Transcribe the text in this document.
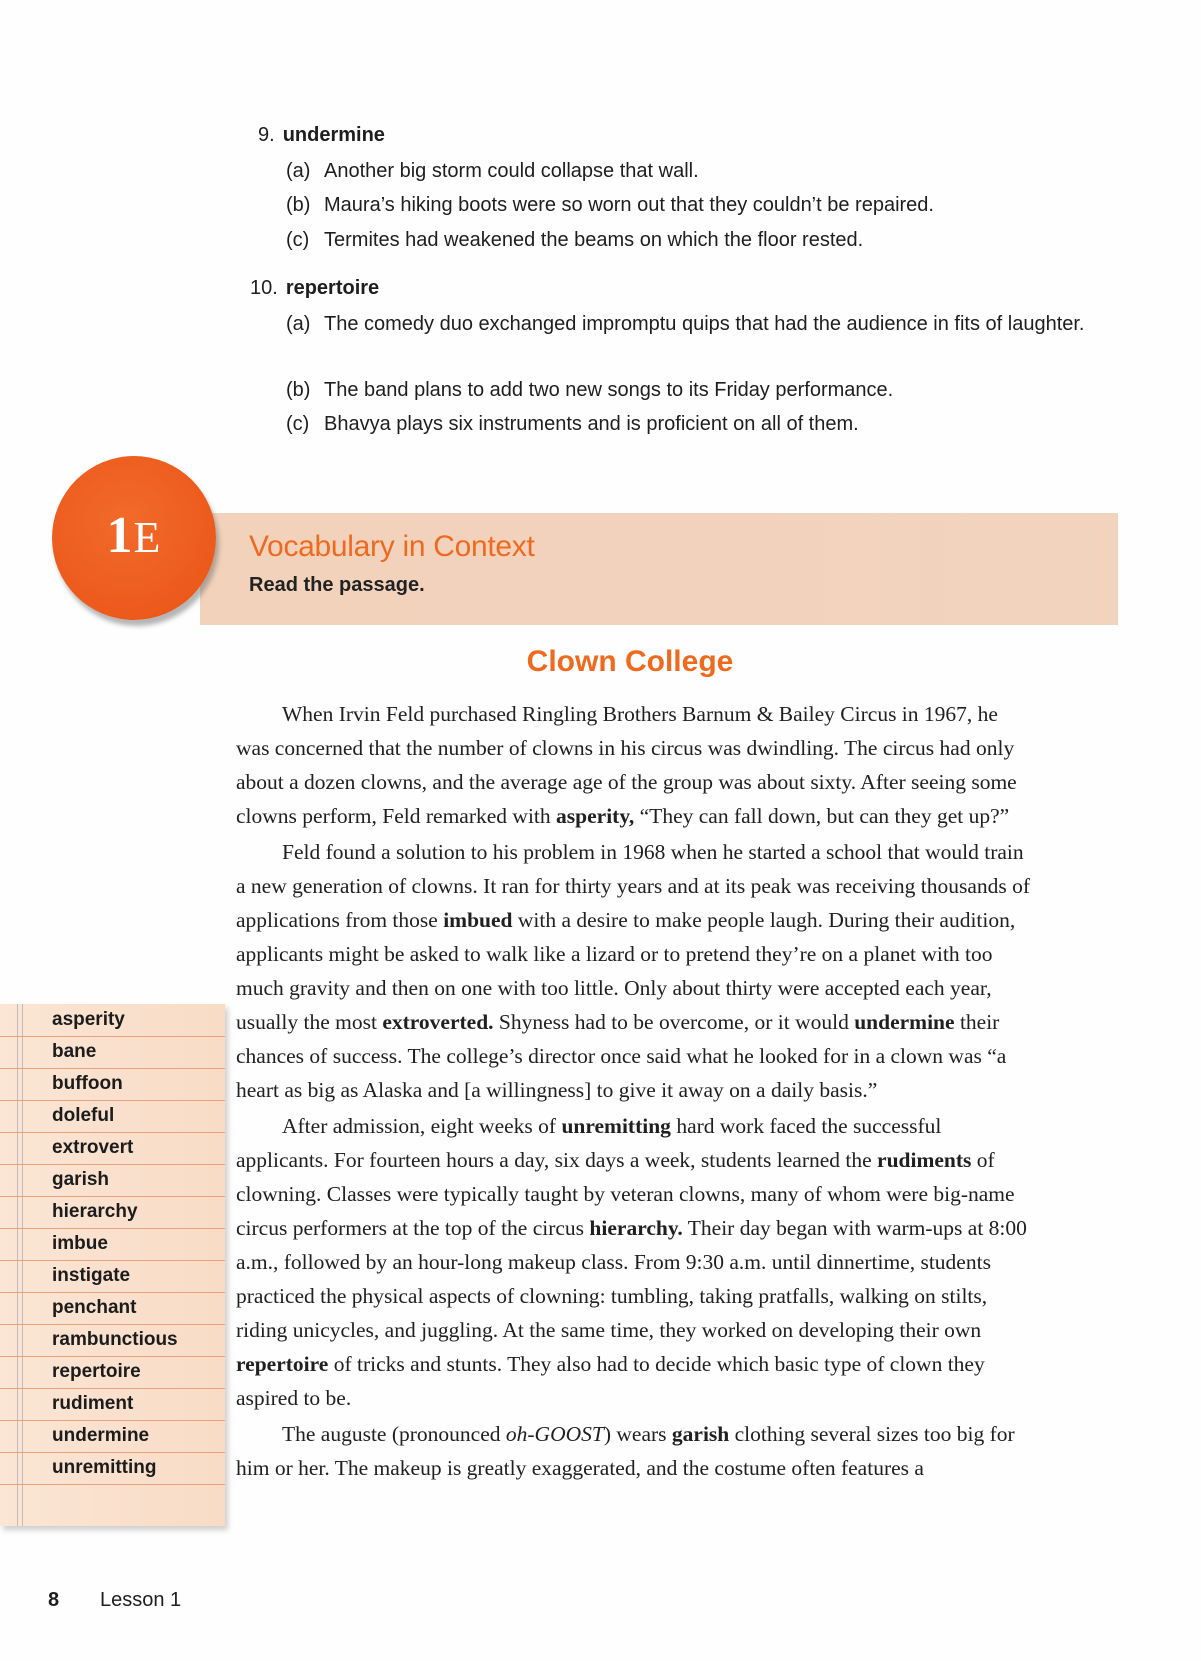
9. undermine
(a) Another big storm could collapse that wall.
(b) Maura’s hiking boots were so worn out that they couldn’t be repaired.
(c) Termites had weakened the beams on which the floor rested.
10. repertoire
(a) The comedy duo exchanged impromptu quips that had the audience in fits of laughter.
(b) The band plans to add two new songs to its Friday performance.
(c) Bhavya plays six instruments and is proficient on all of them.
1E	Vocabulary in Context
Read the passage.
Clown College

When Irvin Feld purchased Ringling Brothers Barnum & Bailey Circus in 1967, he was concerned that the number of clowns in his circus was dwindling. The circus had only about a dozen clowns, and the average age of the group was about sixty. After seeing some clowns perform, Feld remarked with asperity, “They can fall down, but can they get up?”

Feld found a solution to his problem in 1968 when he started a school that would train a new generation of clowns. It ran for thirty years and at its peak was receiving thousands of applications from those imbued with a desire to make people laugh. During their audition, applicants might be asked to walk like a lizard or to pretend they’re on a planet with too much gravity and then on one with too little. Only about thirty were accepted each year, usually the most extroverted. Shyness had to be overcome, or it would undermine their chances of success. The college’s director once said what he looked for in a clown was “a heart as big as Alaska and [a willingness] to give it away on a daily basis.”

After admission, eight weeks of unremitting hard work faced the successful applicants. For fourteen hours a day, six days a week, students learned the rudiments of clowning. Classes were typically taught by veteran clowns, many of whom were big-name circus performers at the top of the circus hierarchy. Their day began with warm-ups at 8:00 a.m., followed by an hour-long makeup class. From 9:30 a.m. until dinnertime, students practiced the physical aspects of clowning: tumbling, taking pratfalls, walking on stilts, riding unicycles, and juggling. At the same time, they worked on developing their own repertoire of tricks and stunts. They also had to decide which basic type of clown they aspired to be.

The auguste (pronounced oh-GOOST) wears garish clothing several sizes too big for him or her. The makeup is greatly exaggerated, and the costume often features a

asperity
bane
buffoon
doleful
extrovert
garish
hierarchy
imbue
instigate
penchant
rambunctious
repertoire
rudiment
undermine
unremitting
8 Lesson 1
